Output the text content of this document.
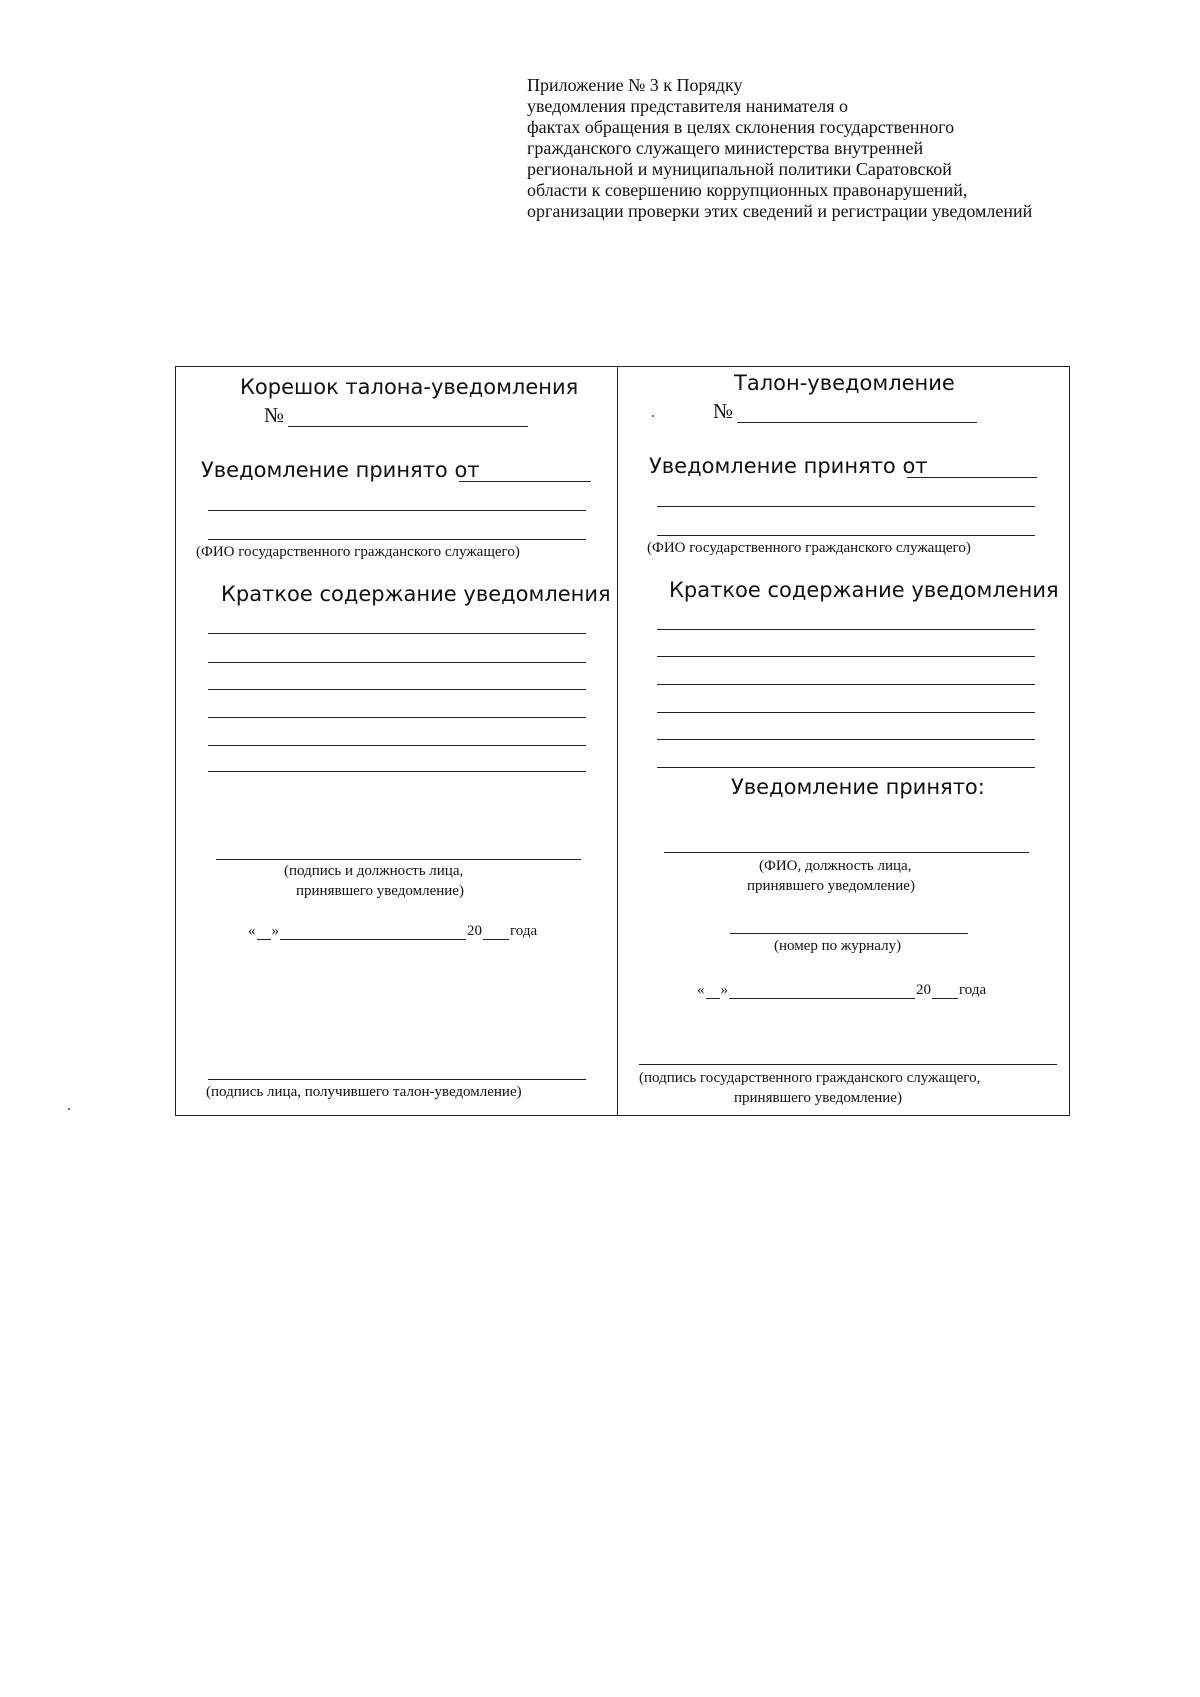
Приложение № 3 к Порядку
уведомления представителя нанимателя о
фактах обращения в целях склонения государственного
гражданского служащего министерства внутренней
региональной и муниципальной политики Саратовской
области к совершению коррупционных правонарушений,
организации проверки этих сведений и регистрации уведомлений
Корешок талона-уведомления
№
Уведомление принято от
(ФИО государственного гражданского служащего)
Краткое содержание уведомления
(подпись и должность лица,
принявшего уведомление)
« »	20 года
(подпись лица, получившего талон-уведомление)
Талон-уведомление
№
Уведомление принято от
(ФИО государственного гражданского служащего)
Краткое содержание уведомления
Уведомление принято:
(ФИО, должность лица,
принявшего уведомление)
(номер по журналу)
« »	20 года
(подпись государственного гражданского служащего,
принявшего уведомление)
